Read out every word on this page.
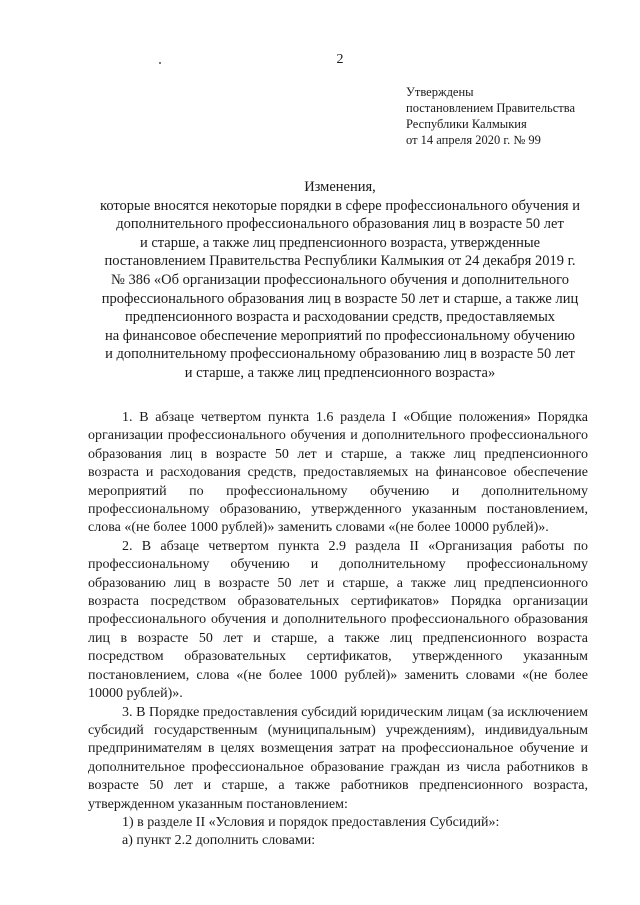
2
Утверждены
постановлением Правительства
Республики Калмыкия
от 14 апреля 2020 г. № 99
Изменения,
которые вносятся некоторые порядки в сфере профессионального обучения и
дополнительного профессионального образования лиц в возрасте 50 лет
и старше, а также лиц предпенсионного возраста, утвержденные
постановлением Правительства Республики Калмыкия от 24 декабря 2019 г.
№ 386 «Об организации профессионального обучения и дополнительного
профессионального образования лиц в возрасте 50 лет и старше, а также лиц
предпенсионного возраста и расходовании средств, предоставляемых
на финансовое обеспечение мероприятий по профессиональному обучению
и дополнительному профессиональному образованию лиц в возрасте 50 лет
и старше, а также лиц предпенсионного возраста»

1. В абзаце четвертом пункта 1.6 раздела I «Общие положения» Порядка организации профессионального обучения и дополнительного профессионального образования лиц в возрасте 50 лет и старше, а также лиц предпенсионного возраста и расходования средств, предоставляемых на финансовое обеспечение мероприятий по профессиональному обучению и дополнительному профессиональному образованию, утвержденного указанным постановлением, слова «(не более 1000 рублей)» заменить словами «(не более 10000 рублей)».

2. В абзаце четвертом пункта 2.9 раздела II «Организация работы по профессиональному обучению и дополнительному профессиональному образованию лиц в возрасте 50 лет и старше, а также лиц предпенсионного возраста посредством образовательных сертификатов» Порядка организации профессионального обучения и дополнительного профессионального образования лиц в возрасте 50 лет и старше, а также лиц предпенсионного возраста посредством образовательных сертификатов, утвержденного указанным постановлением, слова «(не более 1000 рублей)» заменить словами «(не более 10000 рублей)».

3. В Порядке предоставления субсидий юридическим лицам (за исключением субсидий государственным (муниципальным) учреждениям), индивидуальным предпринимателям в целях возмещения затрат на профессиональное обучение и дополнительное профессиональное образование граждан из числа работников в возрасте 50 лет и старше, а также работников предпенсионного возраста, утвержденном указанным постановлением:

1) в разделе II «Условия и порядок предоставления Субсидий»:
а) пункт 2.2 дополнить словами:
